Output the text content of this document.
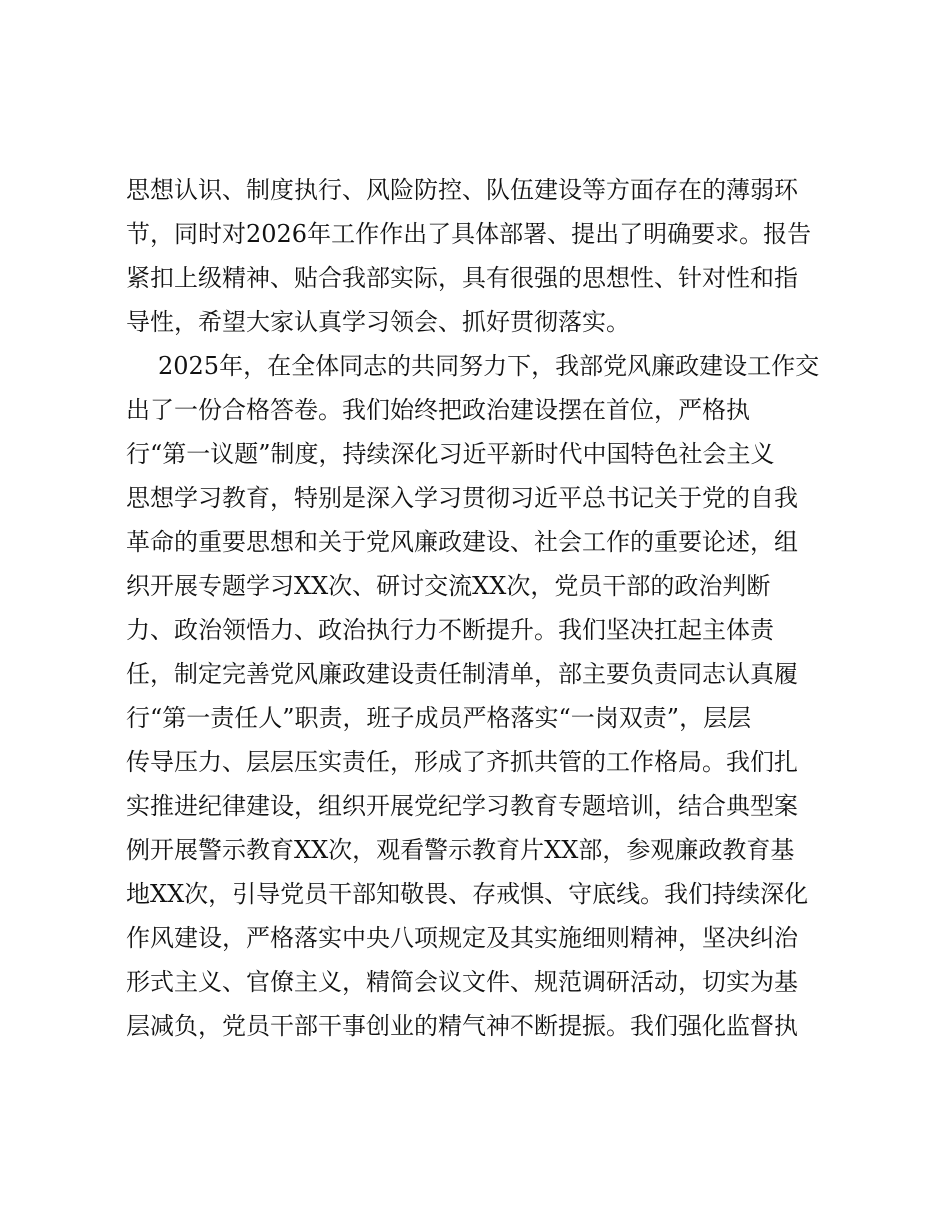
思想认识、制度执行、风险防控、队伍建设等方面存在的薄弱环
节，同时对2026年工作作出了具体部署、提出了明确要求。报告
紧扣上级精神、贴合我部实际，具有很强的思想性、针对性和指
导性，希望大家认真学习领会、抓好贯彻落实。
2025年，在全体同志的共同努力下，我部党风廉政建设工作交
出了一份合格答卷。我们始终把政治建设摆在首位，严格执
行“第一议题”制度，持续深化习近平新时代中国特色社会主义
思想学习教育，特别是深入学习贯彻习近平总书记关于党的自我
革命的重要思想和关于党风廉政建设、社会工作的重要论述，组
织开展专题学习XX次、研讨交流XX次，党员干部的政治判断
力、政治领悟力、政治执行力不断提升。我们坚决扛起主体责
任，制定完善党风廉政建设责任制清单，部主要负责同志认真履
行“第一责任人”职责，班子成员严格落实“一岗双责”，层层
传导压力、层层压实责任，形成了齐抓共管的工作格局。我们扎
实推进纪律建设，组织开展党纪学习教育专题培训，结合典型案
例开展警示教育XX次，观看警示教育片XX部，参观廉政教育基
地XX次，引导党员干部知敬畏、存戒惧、守底线。我们持续深化
作风建设，严格落实中央八项规定及其实施细则精神，坚决纠治
形式主义、官僚主义，精简会议文件、规范调研活动，切实为基
层减负，党员干部干事创业的精气神不断提振。我们强化监督执
